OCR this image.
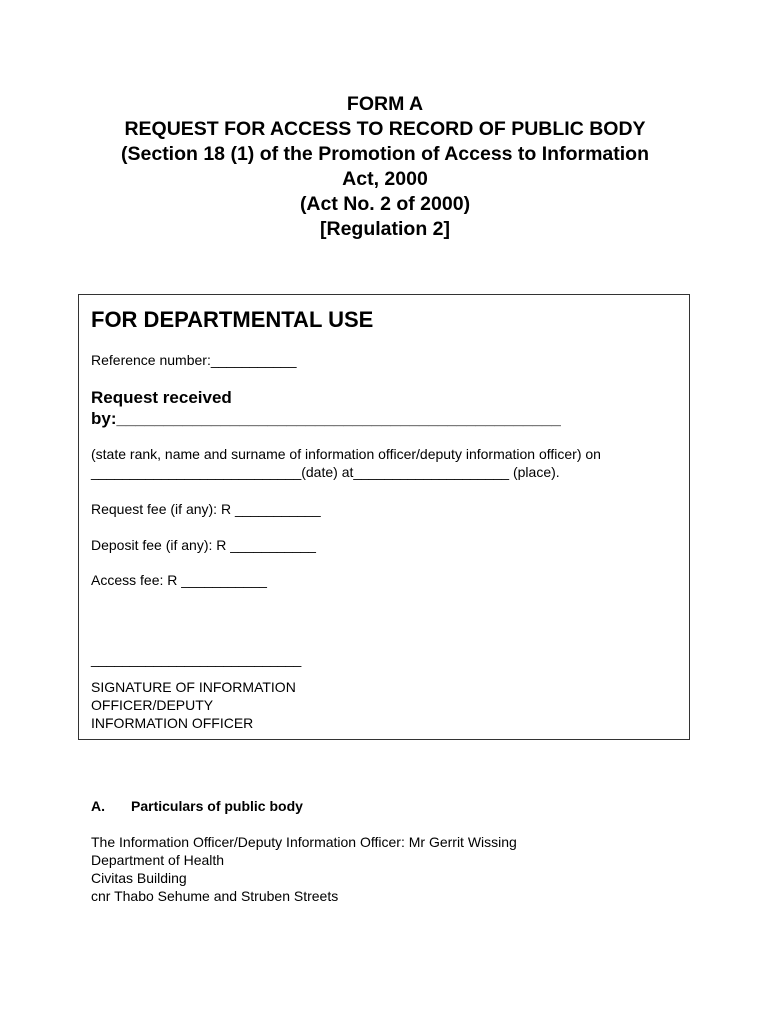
FORM A
REQUEST FOR ACCESS TO RECORD OF PUBLIC BODY
(Section 18 (1) of the Promotion of Access to Information
Act, 2000
(Act No. 2 of 2000)
[Regulation 2]
FOR DEPARTMENTAL USE
Reference number:___________
Request received
by:_______________________________________________
(state rank, name and surname of information officer/deputy information officer) on
___________________________(date) at____________________ (place).
Request fee (if any): R ___________
Deposit fee (if any): R ___________
Access fee: R ___________
___________________________
SIGNATURE OF INFORMATION
OFFICER/DEPUTY
INFORMATION OFFICER
A. Particulars of public body
The Information Officer/Deputy Information Officer: Mr Gerrit Wissing
Department of Health
Civitas Building
cnr Thabo Sehume and Struben Streets
